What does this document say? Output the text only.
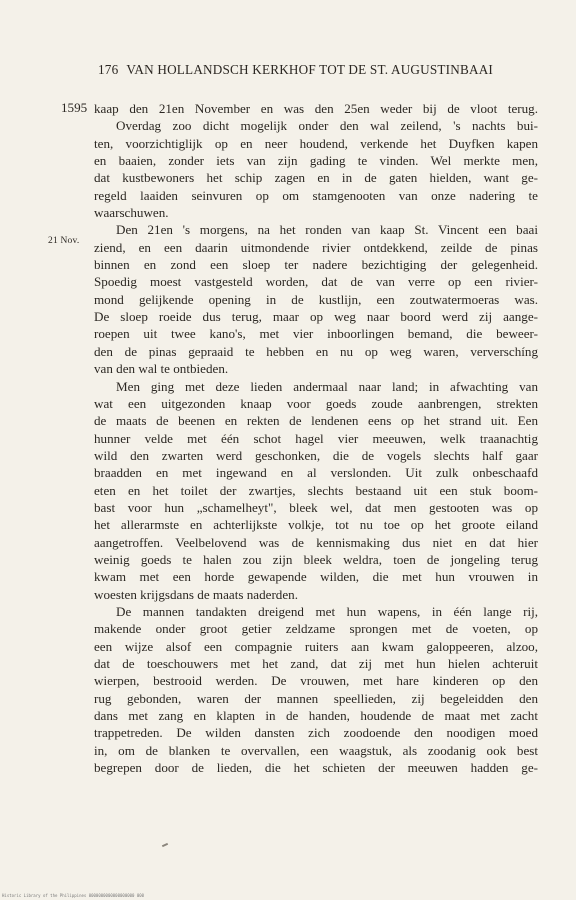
176 VAN HOLLANDSCH KERKHOF TOT DE ST. AUGUSTINBAAI
1595
21 Nov.
kaap den 21en November en was den 25en weder bij de vloot terug.
Overdag zoo dicht mogelijk onder den wal zeilend, 's nachts bui-
ten, voorzichtiglijk op en neer houdend, verkende het Duyfken kapen
en baaien, zonder iets van zijn gading te vinden. Wel merkte men,
dat kustbewoners het schip zagen en in de gaten hielden, want ge-
regeld laaiden seinvuren op om stamgenooten van onze nadering te
waarschuwen.
Den 21en 's morgens, na het ronden van kaap St. Vincent een baai
ziend, en een daarin uitmondende rivier ontdekkend, zeilde de pinas
binnen en zond een sloep ter nadere bezichtiging der gelegenheid.
Spoedig moest vastgesteld worden, dat de van verre op een rivier-
mond gelijkende opening in de kustlijn, een zoutwatermoeras was.
De sloep roeide dus terug, maar op weg naar boord werd zij aange-
roepen uit twee kano's, met vier inboorlingen bemand, die beweer-
den de pinas gepraaid te hebben en nu op weg waren, ververschíng
van den wal te ontbieden.
Men ging met deze lieden andermaal naar land; in afwachting van
wat een uitgezonden knaap voor goeds zoude aanbrengen, strekten
de maats de beenen en rekten de lendenen eens op het strand uit. Een
hunner velde met één schot hagel vier meeuwen, welk traanachtig
wild den zwarten werd geschonken, die de vogels slechts half gaar
braadden en met ingewand en al verslonden. Uit zulk onbeschaafd
eten en het toilet der zwartjes, slechts bestaand uit een stuk boom-
bast voor hun „schamelheyt", bleek wel, dat men gestooten was op
het allerarmste en achterlijkste volkje, tot nu toe op het groote eiland
aangetroffen. Veelbelovend was de kennismaking dus niet en dat hier
weinig goeds te halen zou zijn bleek weldra, toen de jongeling terug
kwam met een horde gewapende wilden, die met hun vrouwen in
woesten krijgsdans de maats naderden.
De mannen tandakten dreigend met hun wapens, in één lange rij,
makende onder groot getier zeldzame sprongen met de voeten, op
een wijze alsof een compagnie ruiters aan kwam galoppeeren, alzoo,
dat de toeschouwers met het zand, dat zij met hun hielen achteruit
wierpen, bestrooid werden. De vrouwen, met hare kinderen op den
rug gebonden, waren der mannen speellieden, zij begeleidden den
dans met zang en klapten in de handen, houdende de maat met zacht
trappetreden. De wilden dansten zich zoodoende den noodigen moed
in, om de blanken te overvallen, een waagstuk, als zoodanig ook best
begrepen door de lieden, die het schieten der meeuwen hadden ge-
Historic Library of the Philippines 0000000000000000000 000
